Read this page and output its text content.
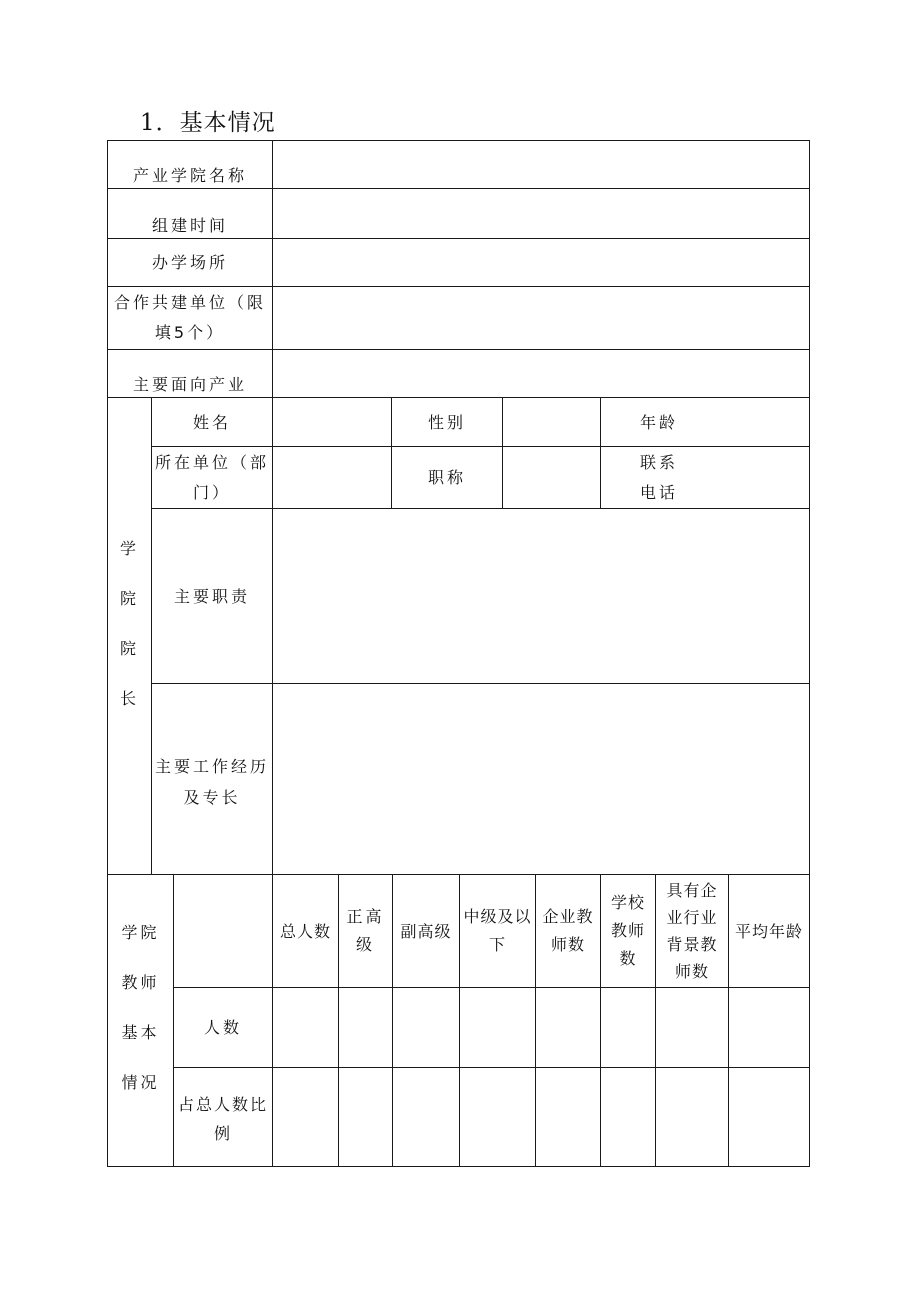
1．基本情况
产业学院名称
组建时间
办学场所
合作共建单位（限
填5个）
主要面向产业
学
院
院
长
姓名	性别	年龄
所在单位（部
门）
职称
联系
电话
主要职责
主要工作经历
及专长
学院
教师
基本
情况
总人数
正高
级
副高级
中级及以
下
企业教
师数
学校
教师
数
具有企
业行业
背景教
师数
平均年龄
人数
占总人数比
例
